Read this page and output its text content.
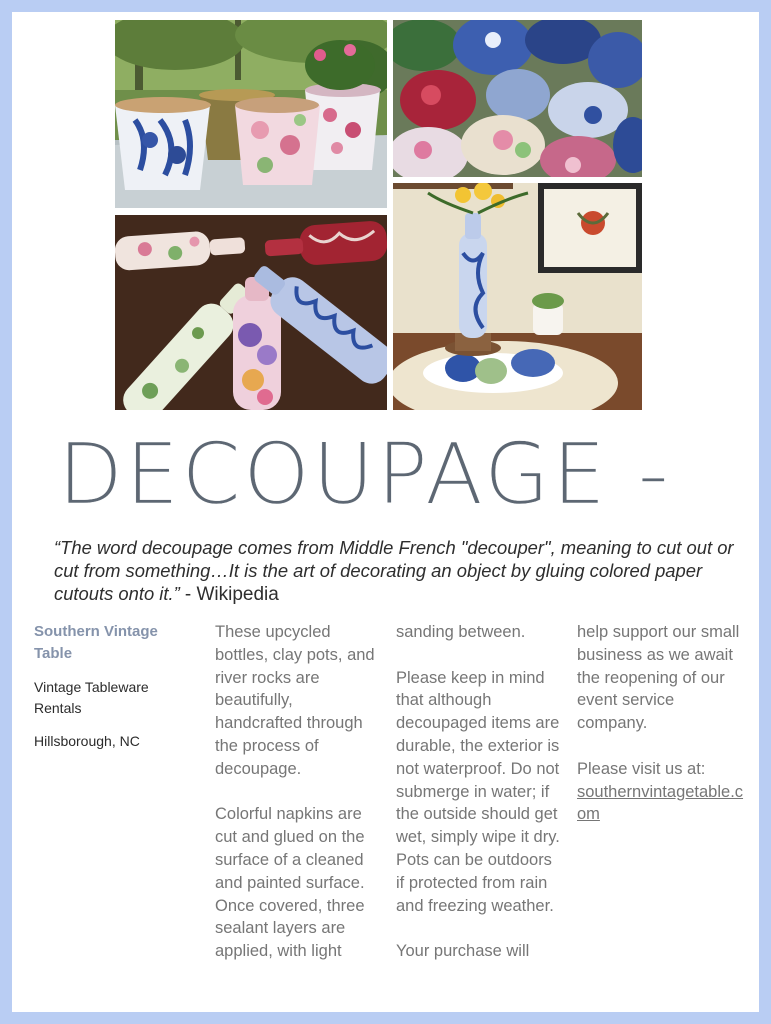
DECOUPAGE -
“The word decoupage comes from Middle French "decouper", meaning to cut out or cut from something…It is the art of decorating an object by gluing colored paper cutouts onto it.” - Wikipedia
Southern Vintage Table
Vintage Tableware Rentals
Hillsborough, NC

These upcycled bottles, clay pots, and river rocks are beautifully, handcrafted through the process of decoupage.

Colorful napkins are cut and glued on the surface of a cleaned and painted surface. Once covered, three sealant layers are applied, with light

sanding between.

Please keep in mind that although decoupaged items are durable, the exterior is not waterproof. Do not submerge in water; if the outside should get wet, simply wipe it dry. Pots can be outdoors if protected from rain and freezing weather.

Your purchase will

help support our small business as we await the reopening of our event service company.

Please visit us at:

southernvintagetable.com
